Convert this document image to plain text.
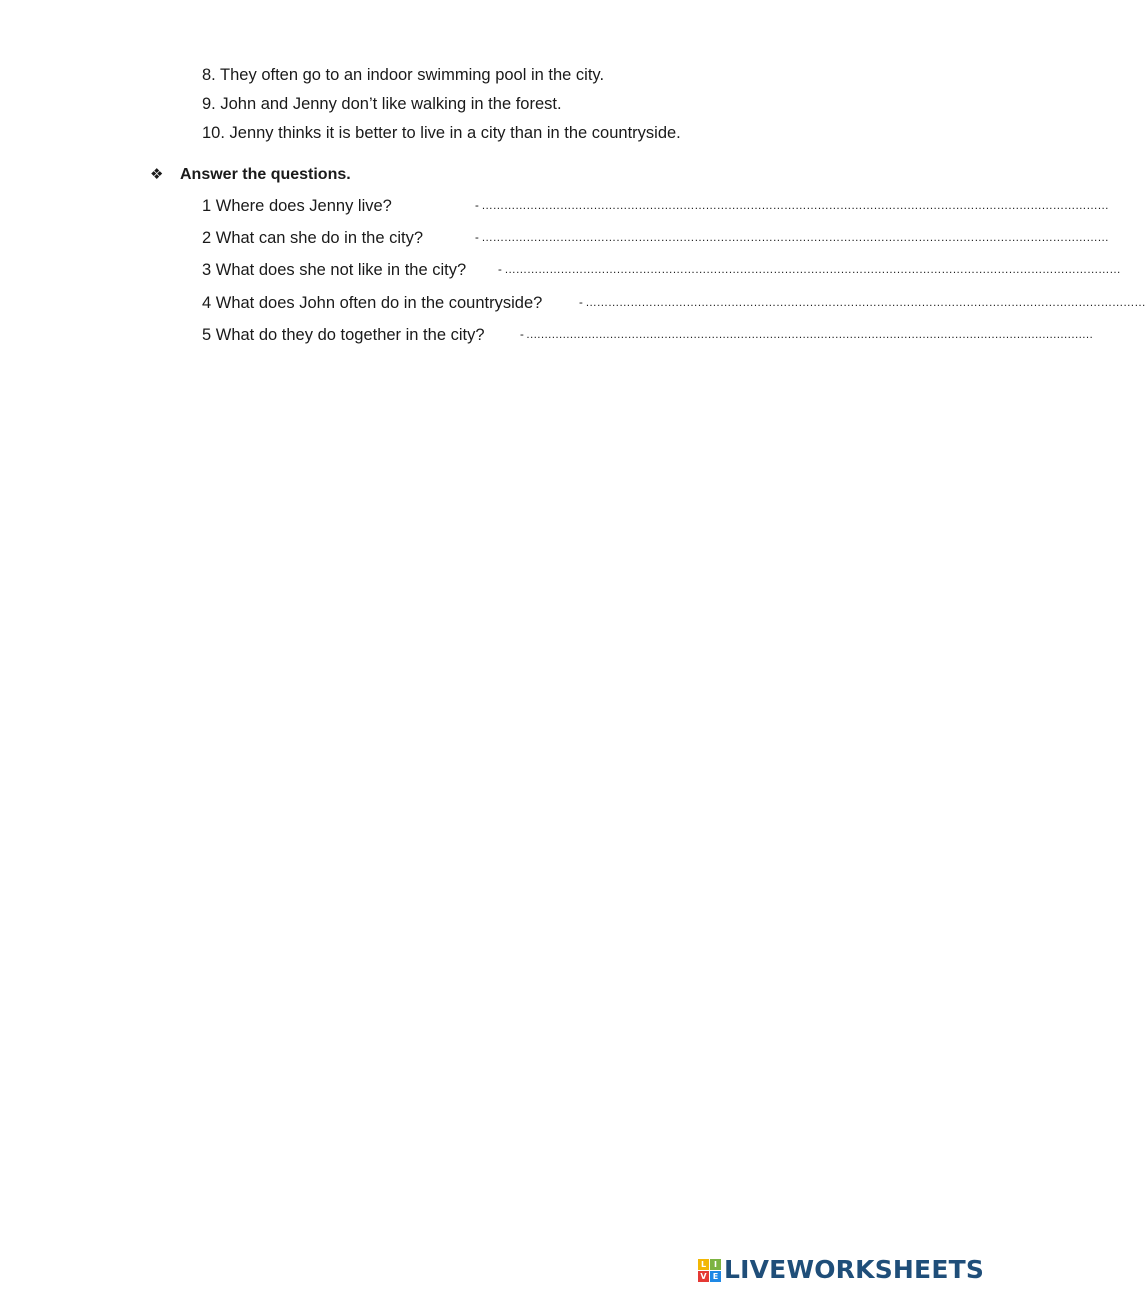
8. They often go to an indoor swimming pool in the city.
9. John and Jenny don’t like walking in the forest.
10. Jenny thinks it is better to live in a city than in the countryside.
❖ Answer the questions.
1 Where does Jenny live?	- ……………………………………………………………………………………………………………………………………………………
2 What can she do in the city?	- ……………………………………………………………………………………………………………………………………………………
3 What does she not like in the city?	- …………………………………………………………………………………………………………………………………………………
4 What does John often do in the countryside?	- ……………………………………………………………………………………………………………………………………
5 What do they do together in the city?	- …………………………………………………………………………………………………………………………………………
L I
V E LIVEWORKSHEETS
